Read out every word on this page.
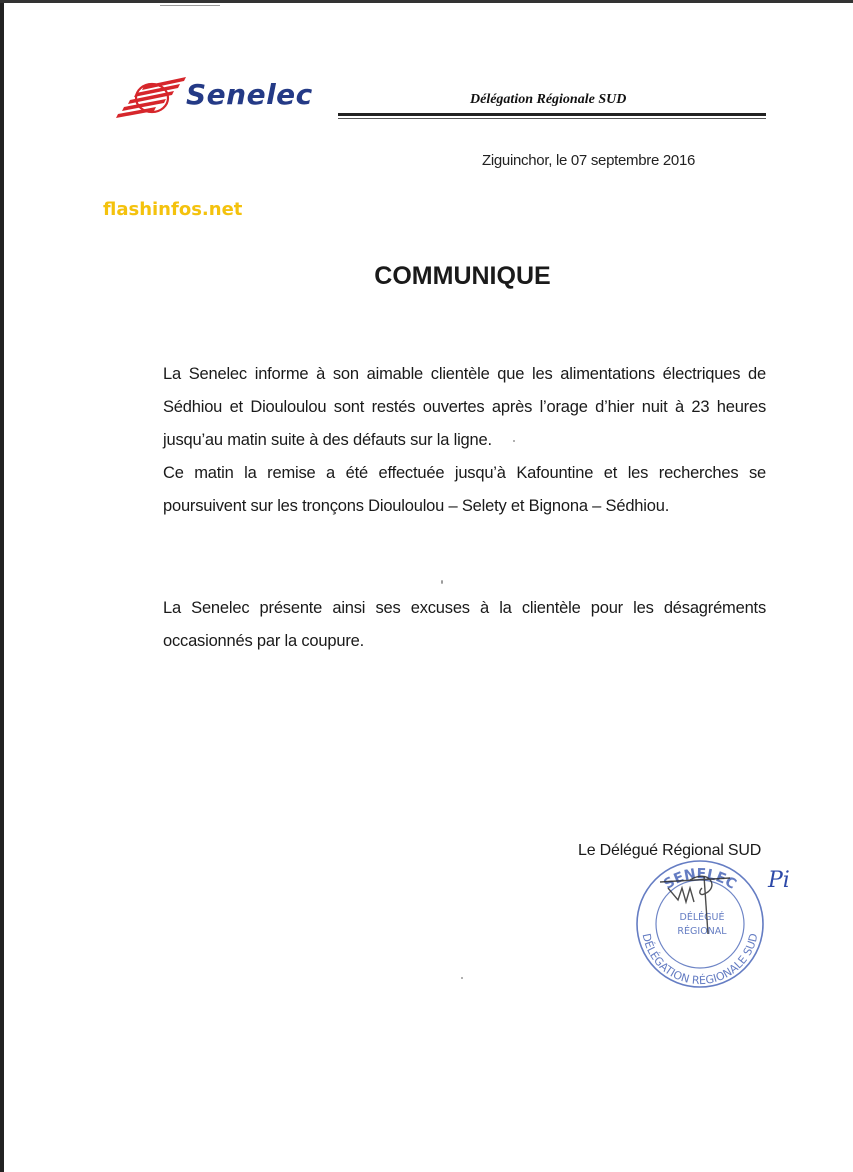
Senelec	Délégation Régionale SUD
Ziguinchor, le 07 septembre 2016
flashinfos.net
COMMUNIQUE

La Senelec informe à son aimable clientèle que les alimentations électriques de Sédhiou et Diouloulou sont restés ouvertes après l’orage d’hier nuit à 23 heures jusqu’au matin suite à des défauts sur la ligne.

Ce matin la remise a été effectuée jusqu’à Kafountine et les recherches se poursuivent sur les tronçons Diouloulou – Selety et Bignona – Sédhiou.

La Senelec présente ainsi ses excuses à la clientèle pour les désagréments occasionnés par la coupure.

Le Délégué Régional SUD
SENELEC
DÉLÉGATION RÉGIONALE SUD
DÉLÉGUÉ
RÉGIONAL
Pi
